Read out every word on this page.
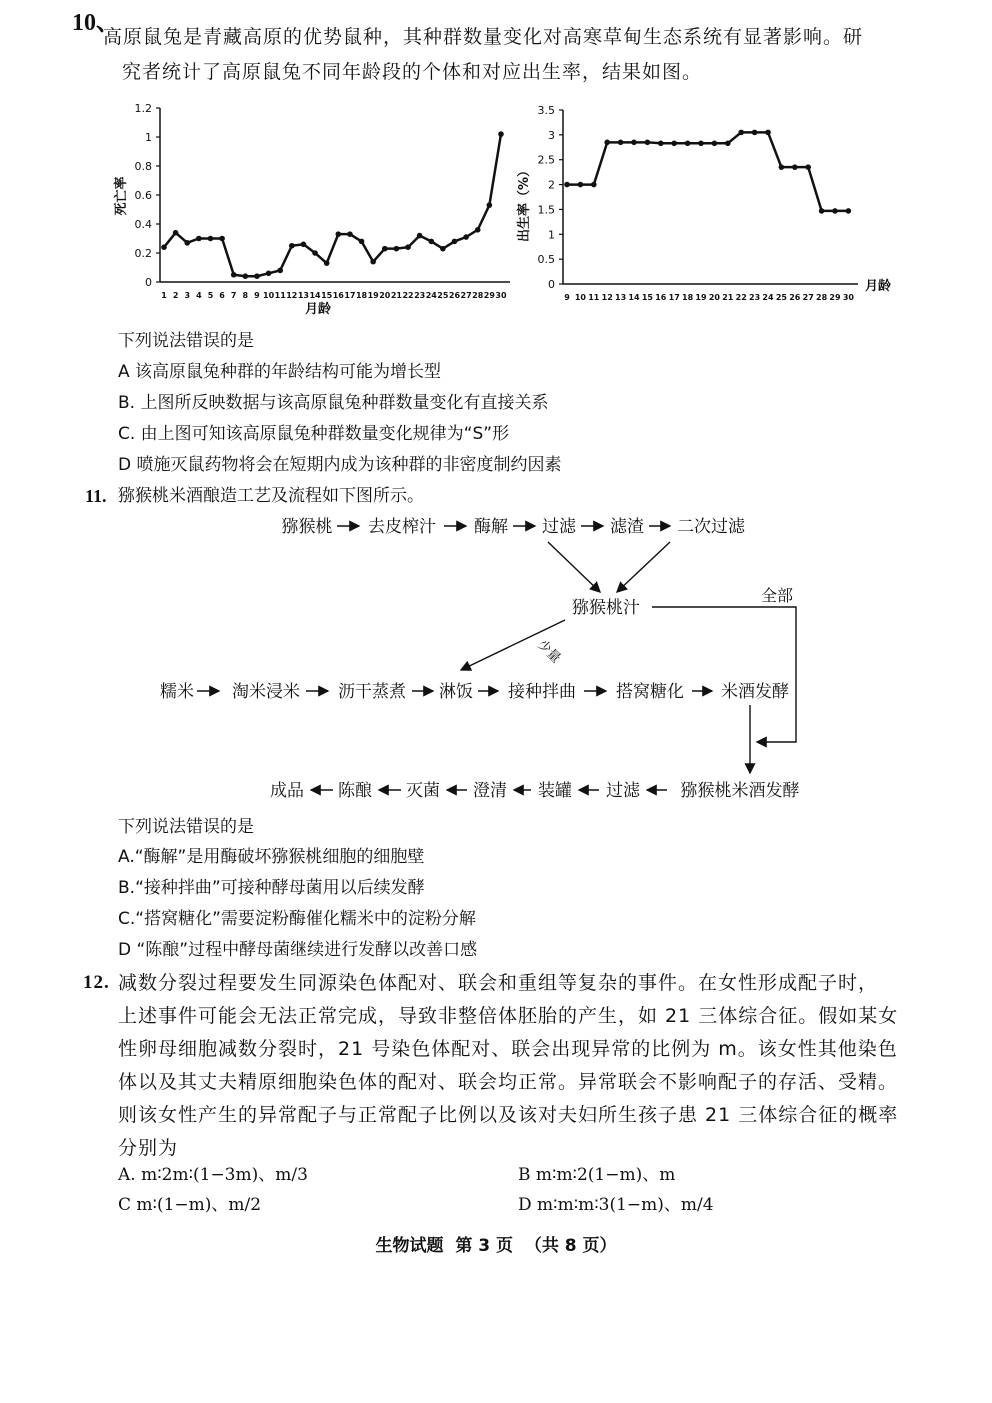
10、
高原鼠兔是青藏高原的优势鼠种，其种群数量变化对高寒草甸生态系统有显著影响。研
究者统计了高原鼠兔不同年龄段的个体和对应出生率，结果如图。
0
0.2
0.4
0.6
0.8
1
1.2
1 2 3 4 5 6 7 8 9 10 11 12 13 14 15 16 17 18 19 20 21 22 23 24 25 26 27 28 29 30
死亡率
月龄
0
0.5
1
1.5
2
2.5
3
3.5
9 10 11 12 13 14 15 16 17 18 19 20 21 22 23 24 25 26 27 28 29 30
出生率（%）
月龄
下列说法错误的是
A 该高原鼠兔种群的年龄结构可能为增长型
B. 上图所反映数据与该高原鼠兔种群数量变化有直接关系
C. 由上图可知该高原鼠兔种群数量变化规律为“S”形
D 喷施灭鼠药物将会在短期内成为该种群的非密度制约因素
11. 猕猴桃米酒酿造工艺及流程如下图所示。
猕猴桃 去皮榨汁 酶解 过滤 滤渣 二次过滤
猕猴桃汁
全部
少量
糯米 淘米浸米 沥干蒸煮 淋饭 接种拌曲 搭窝糖化 米酒发酵
成品 陈酿 灭菌 澄清 装罐 过滤 猕猴桃米酒发酵
下列说法错误的是
A.“酶解”是用酶破坏猕猴桃细胞的细胞壁
B.“接种拌曲”可接种酵母菌用以后续发酵
C.“搭窝糖化”需要淀粉酶催化糯米中的淀粉分解
D “陈酿”过程中酵母菌继续进行发酵以改善口感
12. 减数分裂过程要发生同源染色体配对、联会和重组等复杂的事件。在女性形成配子时，
上述事件可能会无法正常完成，导致非整倍体胚胎的产生，如 21 三体综合征。假如某女
性卵母细胞减数分裂时，21 号染色体配对、联会出现异常的比例为 m。该女性其他染色
体以及其丈夫精原细胞染色体的配对、联会均正常。异常联会不影响配子的存活、受精。
则该女性产生的异常配子与正常配子比例以及该对夫妇所生孩子患 21 三体综合征的概率
分别为
A. m∶2m∶(1−3m)、m/3	B m∶m∶2(1−m)、m
C m∶(1−m)、m/2	D m∶m∶m∶3(1−m)、m/4
生物试题  第 3 页  （共 8 页）
